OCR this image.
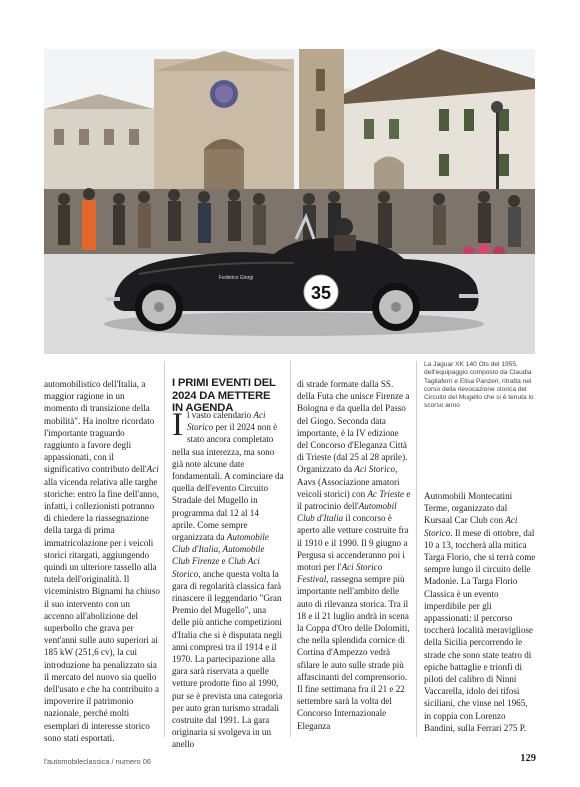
35
Federico Giorgi

La Jaguar XK 140 Ots del 1955, dell'equipaggio composto da Claudia Tagliaferri e Elisa Panzeri, ritratta nel corso della rievocazione storica del Circuito del Mugello che si è tenuta lo scorso anno

automobilistico dell'Italia, a maggior ragione in un momento di transizione della mobilità". Ha inoltre ricordato l'importante traguardo raggiunto a favore degli appassionati, con il significativo contributo dell'Aci alla vicenda relativa alle targhe storiche: entro la fine dell'anno, infatti, i collezionisti potranno di chiedere la riassegnazione della targa di prima immatricolazione per i veicoli storici ritargati, aggiungendo quindi un ulteriore tassello alla tutela dell'originalità. Il viceministro Bignami ha chiuso il suo intervento con un accenno all'abolizione del superbollo che grava per vent'anni sulle auto superiori ai 185 kW (251,6 cv), la cui introduzione ha penalizzato sia il mercato del nuovo sia quello dell'usato e che ha contribuito a impoverire il patrimonio nazionale, perché molti esemplari di interesse storico sono stati esportati.

I PRIMI EVENTI DEL 2024 DA METTERE IN AGENDA

Il vasto calendario Aci Storico per il 2024 non è stato ancora completato nella sua interezza, ma sono già note alcune date fondamentali. A cominciare da quella dell'evento Circuito Stradale del Mugello in programma dal 12 al 14 aprile. Come sempre organizzata da Automobile Club d'Italia, Automobile Club Firenze e Club Aci Storico, anche questa volta la gara di regolarità classica farà rinascere il leggendario "Gran Premio del Mugello", una delle più antiche competizioni d'Italia che si è disputata negli anni compresi tra il 1914 e il 1970. La partecipazione alla gara sarà riservata a quelle vetture prodotte fino al 1990, pur se è prevista una categoria per auto gran turismo stradali costruite dal 1991. La gara originaria si svolgeva in un anello

di strade formate dalla SS. della Futa che unisce Firenze a Bologna e da quella del Passo del Giogo. Seconda data importante, è la IV edizione del Concorso d'Eleganza Città di Trieste (dal 25 al 28 aprile). Organizzato da Aci Storico, Aavs (Associazione amatori veicoli storici) con Ac Trieste e il patrocinio dell'Automobil Club d'Italia il concorso è aperto alle vetture costruite fra il 1910 e il 1990. Il 9 giugno a Pergusa si accenderanno poi i motori per l'Aci Storico Festival, rassegna sempre più importante nell'ambito delle auto di rilevanza storica. Tra il 18 e il 21 luglio andrà in scena la Coppa d'Oro delle Dolomiti, che nella splendida cornice di Cortina d'Ampezzo vedrà sfilare le auto sulle strade più affascinanti del comprensorio. Il fine settimana fra il 21 e 22 settembre sarà la volta del Concorso Internazionale Eleganza

Automobili Montecatini Terme, organizzato dal Kursaal Car Club con Aci Storico. Il mese di ottobre, dal 10 a 13, toccherà alla mitica Targa Florio, che si terrà come sempre lungo il circuito delle Madonie. La Targa Florio Classica è un evento imperdibile per gli appassionati: il percorso toccherà località meravigliose della Sicilia percorrendo le strade che sono state teatro di epiche battaglie e trionfi di piloti del calibro di Ninni Vaccarella, idolo dei tifosi siciliani, che vinse nel 1965, in coppia con Lorenzo Bandini, sulla Ferrari 275 P.

l'automobileclassica / numero 06	129
